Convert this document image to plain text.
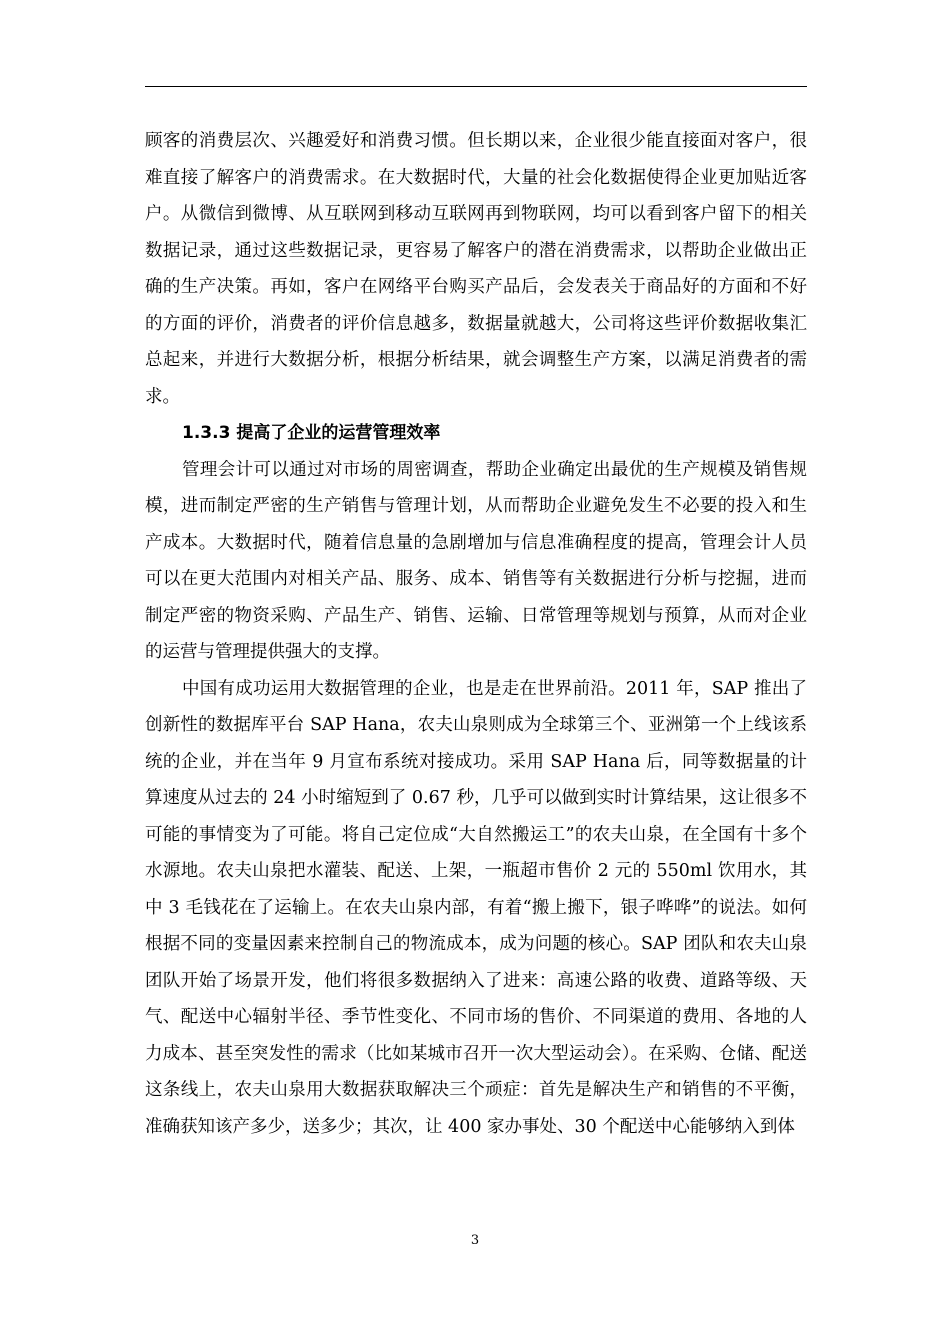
顾客的消费层次、兴趣爱好和消费习惯。但长期以来，企业很少能直接面对客户，很难直接了解客户的消费需求。在大数据时代，大量的社会化数据使得企业更加贴近客户。从微信到微博、从互联网到移动互联网再到物联网，均可以看到客户留下的相关数据记录，通过这些数据记录，更容易了解客户的潜在消费需求，以帮助企业做出正确的生产决策。再如，客户在网络平台购买产品后，会发表关于商品好的方面和不好的方面的评价，消费者的评价信息越多，数据量就越大，公司将这些评价数据收集汇总起来，并进行大数据分析，根据分析结果，就会调整生产方案，以满足消费者的需求。

1.3.3 提高了企业的运营管理效率

管理会计可以通过对市场的周密调查，帮助企业确定出最优的生产规模及销售规模，进而制定严密的生产销售与管理计划，从而帮助企业避免发生不必要的投入和生产成本。大数据时代，随着信息量的急剧增加与信息准确程度的提高，管理会计人员可以在更大范围内对相关产品、服务、成本、销售等有关数据进行分析与挖掘，进而制定严密的物资采购、产品生产、销售、运输、日常管理等规划与预算，从而对企业的运营与管理提供强大的支撑。

中国有成功运用大数据管理的企业，也是走在世界前沿。2011 年，SAP 推出了创新性的数据库平台 SAP Hana，农夫山泉则成为全球第三个、亚洲第一个上线该系统的企业，并在当年 9 月宣布系统对接成功。采用 SAP Hana 后，同等数据量的计算速度从过去的 24 小时缩短到了 0.67 秒，几乎可以做到实时计算结果，这让很多不可能的事情变为了可能。将自己定位成“大自然搬运工”的农夫山泉，在全国有十多个水源地。农夫山泉把水灌装、配送、上架，一瓶超市售价 2 元的 550ml 饮用水，其中 3 毛钱花在了运输上。在农夫山泉内部，有着“搬上搬下，银子哗哗”的说法。如何根据不同的变量因素来控制自己的物流成本，成为问题的核心。SAP 团队和农夫山泉团队开始了场景开发，他们将很多数据纳入了进来：高速公路的收费、道路等级、天气、配送中心辐射半径、季节性变化、不同市场的售价、不同渠道的费用、各地的人力成本、甚至突发性的需求（比如某城市召开一次大型运动会）。在采购、仓储、配送这条线上，农夫山泉用大数据获取解决三个顽症：首先是解决生产和销售的不平衡，准确获知该产多少，送多少；其次，让 400 家办事处、30 个配送中心能够纳入到体

3
